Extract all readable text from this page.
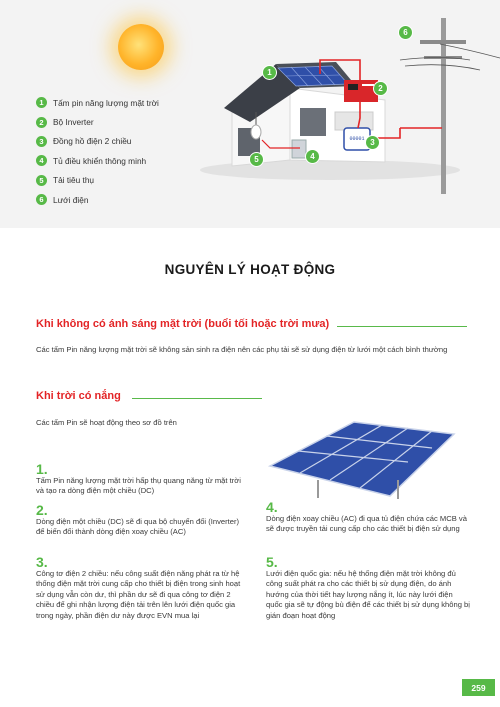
00001
1
2
3
4
5
6
1	Tấm pin năng lượng mặt trời
2	Bộ Inverter
3	Đồng hồ điện 2 chiều
4	Tủ điều khiển thông minh
5	Tải tiêu thụ
6	Lưới điện
NGUYÊN LÝ HOẠT ĐỘNG
Khi không có ánh sáng mặt trời (buổi tối hoặc trời mưa)
Các tấm Pin năng lượng mặt trời sẽ không sản sinh ra điện nên các phụ tải sẽ sử dụng điện từ lưới một cách bình thường
Khi trời có nắng
Các tấm Pin sẽ hoạt động theo sơ đồ trên
1.
Tấm Pin năng lượng mặt trời hấp thụ quang năng từ mặt trời và tạo ra dòng điện một chiều (DC)
2.
Dòng điện một chiều (DC) sẽ đi qua bộ chuyển đổi (Inverter) để biến đổi thành dòng điện xoay chiều (AC)
3.
Công tơ điện 2 chiều: nếu công suất điện năng phát ra từ hệ thống điện mặt trời cung cấp cho thiết bị điện trong sinh hoạt sử dụng vẫn còn dư, thì phần dư sẽ đi qua công tơ điện 2 chiều để ghi nhận lượng điện tải trên lên lưới điện quốc gia trong ngày, phần điện dư này được EVN mua lại
4.
Dòng điện xoay chiều (AC) đi qua tủ điện chứa các MCB và sẽ được truyền tải cung cấp cho các thiết bị điện sử dụng
5.
Lưới điện quốc gia: nếu hệ thống điện mặt trời không đủ công suất phát ra cho các thiết bị sử dụng điện, do ánh hướng của thời tiết hay lượng nắng ít, lúc này lưới điện quốc gia sẽ tự động bù điện để các thiết bị sử dụng không bị gián đoạn hoạt động
259
